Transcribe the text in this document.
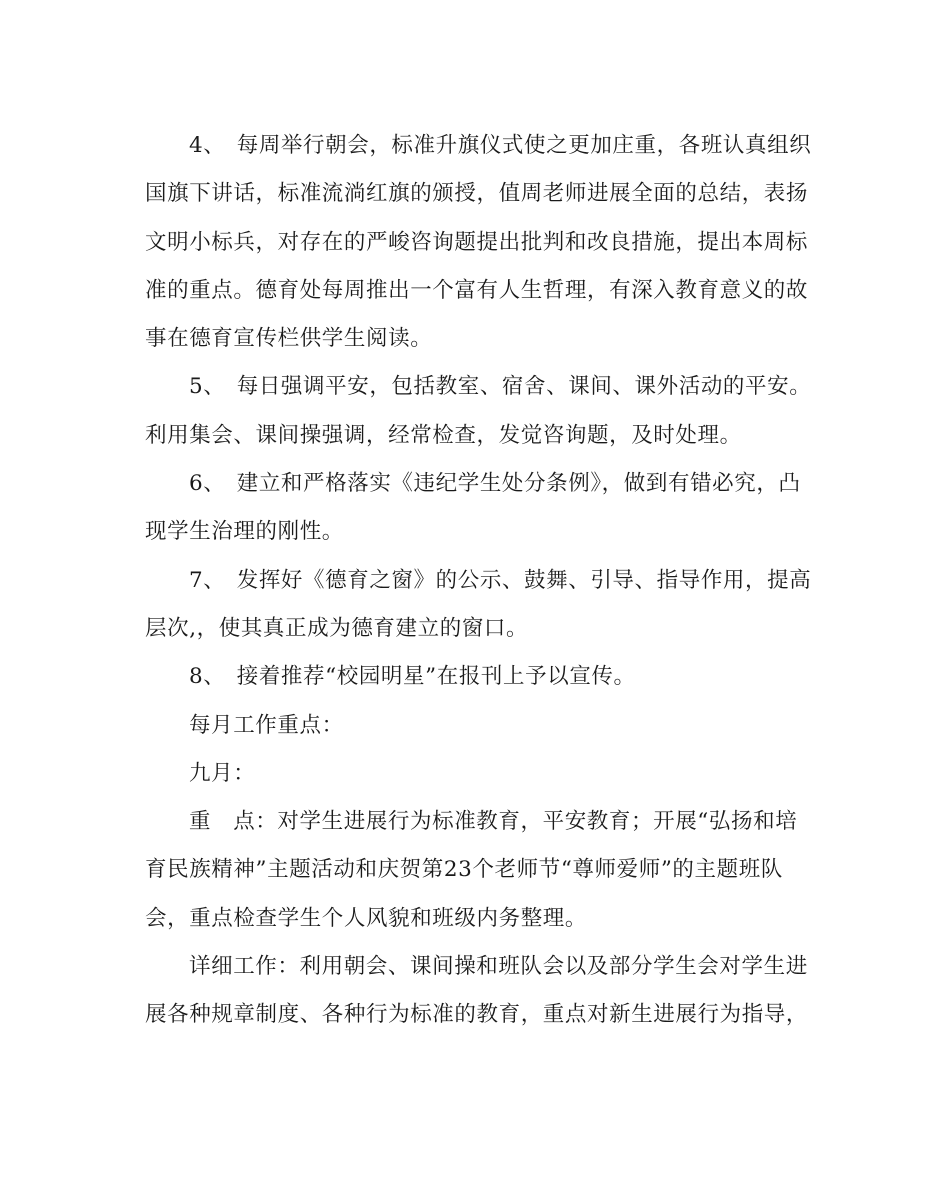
4、　每周举行朝会，标准升旗仪式使之更加庄重，各班认真组织
国旗下讲话，标准流淌红旗的颁授，值周老师进展全面的总结，表扬
文明小标兵，对存在的严峻咨询题提出批判和改良措施，提出本周标
准的重点。德育处每周推出一个富有人生哲理，有深入教育意义的故
事在德育宣传栏供学生阅读。
5、　每日强调平安，包括教室、宿舍、课间、课外活动的平安。
利用集会、课间操强调，经常检查，发觉咨询题，及时处理。
6、　建立和严格落实《违纪学生处分条例》，做到有错必究，凸
现学生治理的刚性。
7、　发挥好《德育之窗》的公示、鼓舞、引导、指导作用，提高
层次,，使其真正成为德育建立的窗口。
8、　接着推荐“校园明星”在报刊上予以宣传。
每月工作重点：
九月：
重　点：对学生进展行为标准教育，平安教育；开展“弘扬和培
育民族精神”主题活动和庆贺第23个老师节“尊师爱师”的主题班队
会，重点检查学生个人风貌和班级内务整理。
详细工作：利用朝会、课间操和班队会以及部分学生会对学生进
展各种规章制度、各种行为标准的教育，重点对新生进展行为指导，
